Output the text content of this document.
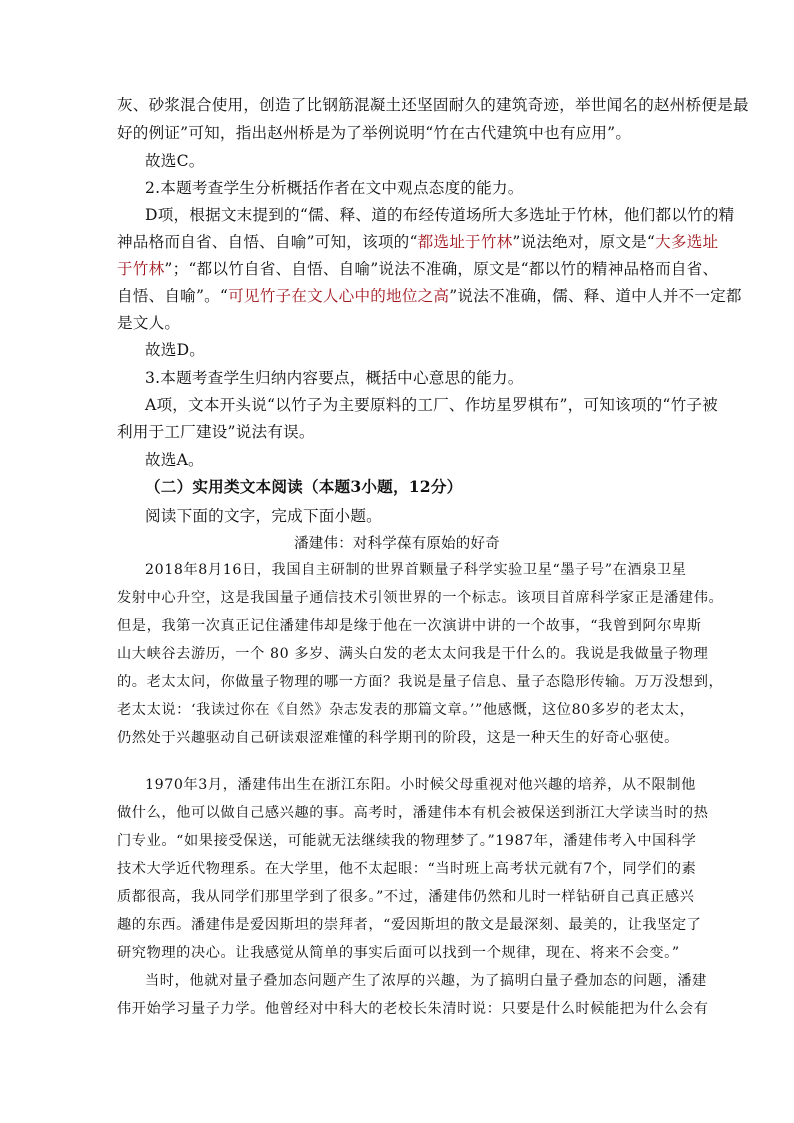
灰、砂浆混合使用，创造了比钢筋混凝土还坚固耐久的建筑奇迹，举世闻名的赵州桥便是最
好的例证”可知，指出赵州桥是为了举例说明“竹在古代建筑中也有应用”。
故选C。
2.本题考查学生分析概括作者在文中观点态度的能力。
D项，根据文末提到的“儒、释、道的布经传道场所大多选址于竹林，他们都以竹的精
神品格而自省、自悟、自喻”可知，该项的“都选址于竹林”说法绝对，原文是“大多选址
于竹林”；“都以竹自省、自悟、自喻”说法不准确，原文是“都以竹的精神品格而自省、
自悟、自喻”。“可见竹子在文人心中的地位之高”说法不准确，儒、释、道中人并不一定都
是文人。
故选D。
3.本题考查学生归纳内容要点，概括中心意思的能力。
A项，文本开头说“以竹子为主要原料的工厂、作坊星罗棋布”，可知该项的“竹子被
利用于工厂建设”说法有误。
故选A。
（二）实用类文本阅读（本题3小题，12分）
阅读下面的文字，完成下面小题。
潘建伟：对科学葆有原始的好奇
2018年8月16日，我国自主研制的世界首颗量子科学实验卫星“墨子号”在酒泉卫星
发射中心升空，这是我国量子通信技术引领世界的一个标志。该项目首席科学家正是潘建伟。
但是，我第一次真正记住潘建伟却是缘于他在一次演讲中讲的一个故事，“我曾到阿尔卑斯
山大峡谷去游历，一个 80 多岁、满头白发的老太太问我是干什么的。我说是我做量子物理
的。老太太问，你做量子物理的哪一方面？我说是量子信息、量子态隐形传输。万万没想到，
老太太说：‘我读过你在《自然》杂志发表的那篇文章。’”他感慨，这位80多岁的老太太，
仍然处于兴趣驱动自己研读艰涩难懂的科学期刊的阶段，这是一种天生的好奇心驱使。
1970年3月，潘建伟出生在浙江东阳。小时候父母重视对他兴趣的培养，从不限制他
做什么，他可以做自己感兴趣的事。高考时，潘建伟本有机会被保送到浙江大学读当时的热
门专业。“如果接受保送，可能就无法继续我的物理梦了。”1987年，潘建伟考入中国科学
技术大学近代物理系。在大学里，他不太起眼：“当时班上高考状元就有7个，同学们的素
质都很高，我从同学们那里学到了很多。”不过，潘建伟仍然和儿时一样钻研自己真正感兴
趣的东西。潘建伟是爱因斯坦的崇拜者，“爱因斯坦的散文是最深刻、最美的，让我坚定了
研究物理的决心。让我感觉从简单的事实后面可以找到一个规律，现在、将来不会变。”
当时，他就对量子叠加态问题产生了浓厚的兴趣，为了搞明白量子叠加态的问题，潘建
伟开始学习量子力学。他曾经对中科大的老校长朱清时说：只要是什么时候能把为什么会有
